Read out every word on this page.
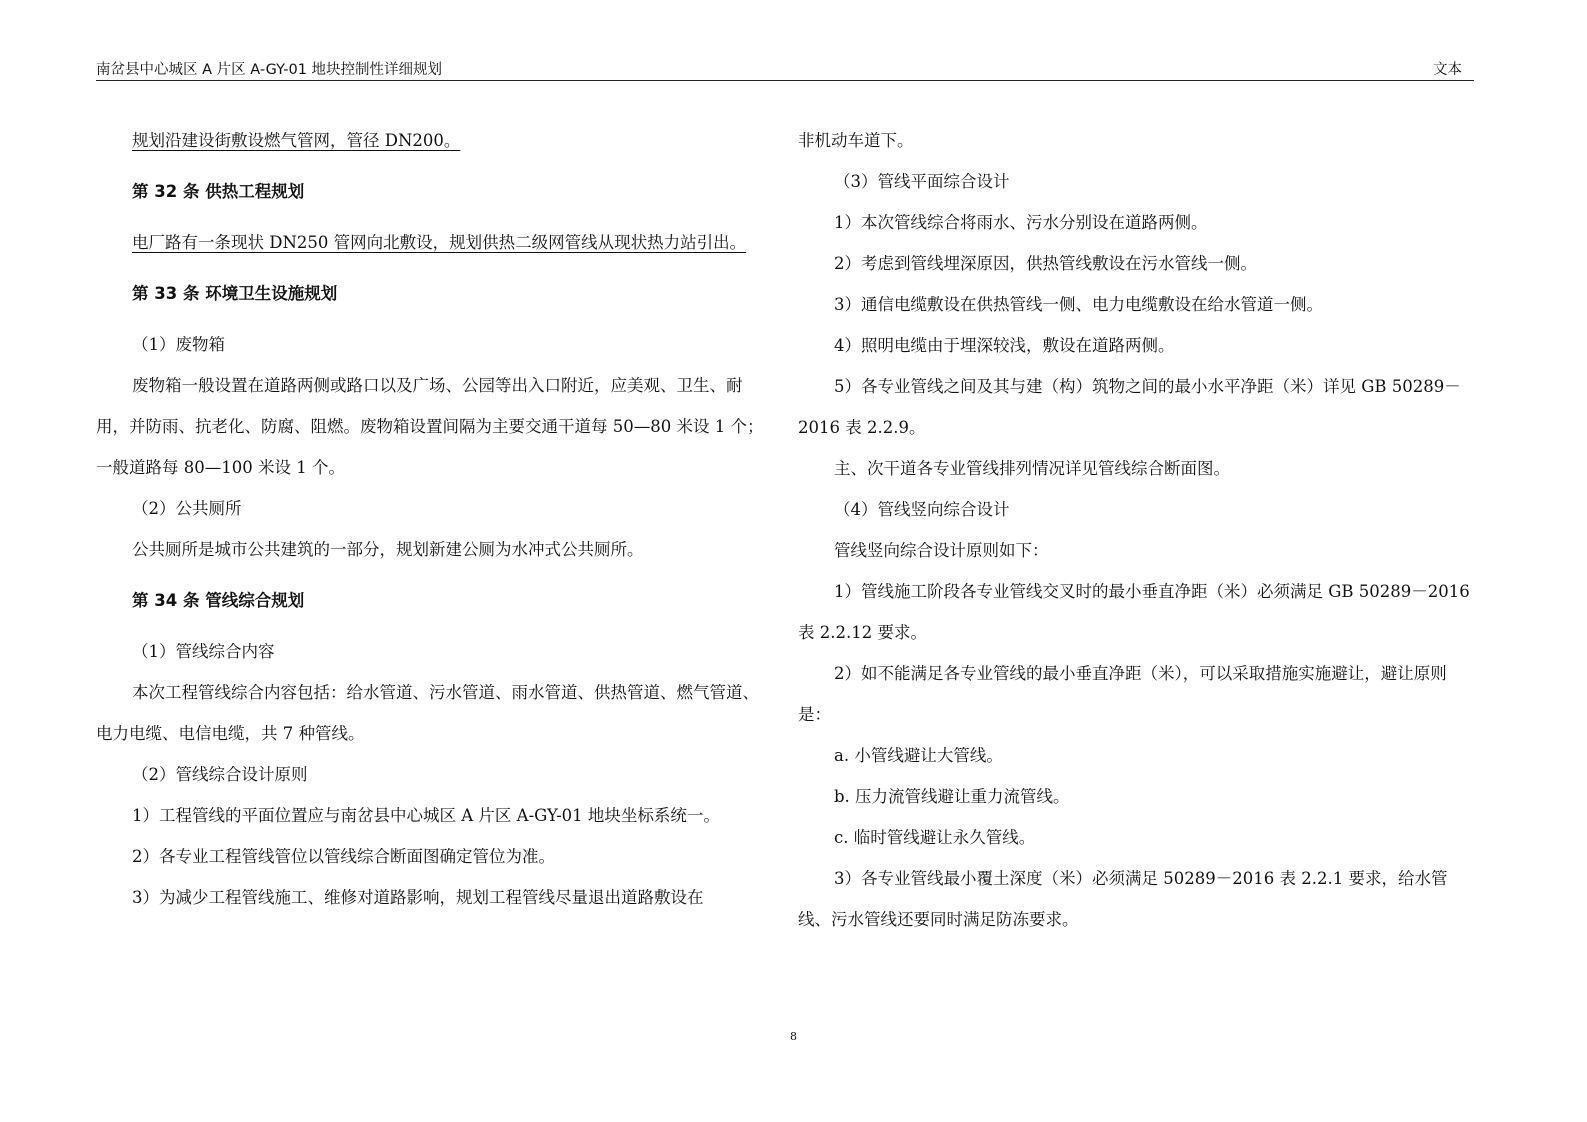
南岔县中心城区 A 片区 A-GY-01 地块控制性详细规划	文本

规划沿建设街敷设燃气管网，管径 DN200。

第 32 条 供热工程规划

电厂路有一条现状 DN250 管网向北敷设，规划供热二级网管线从现状热力站引出。

第 33 条 环境卫生设施规划

（1）废物箱

废物箱一般设置在道路两侧或路口以及广场、公园等出入口附近，应美观、卫生、耐用，并防雨、抗老化、防腐、阻燃。废物箱设置间隔为主要交通干道每 50—80 米设 1 个；一般道路每 80—100 米设 1 个。

（2）公共厕所

公共厕所是城市公共建筑的一部分，规划新建公厕为水冲式公共厕所。

第 34 条 管线综合规划

（1）管线综合内容

本次工程管线综合内容包括：给水管道、污水管道、雨水管道、供热管道、燃气管道、电力电缆、电信电缆，共 7 种管线。

（2）管线综合设计原则

1）工程管线的平面位置应与南岔县中心城区 A 片区 A-GY-01 地块坐标系统一。

2）各专业工程管线管位以管线综合断面图确定管位为准。

3）为减少工程管线施工、维修对道路影响，规划工程管线尽量退出道路敷设在

非机动车道下。

（3）管线平面综合设计

1）本次管线综合将雨水、污水分别设在道路两侧。

2）考虑到管线埋深原因，供热管线敷设在污水管线一侧。

3）通信电缆敷设在供热管线一侧、电力电缆敷设在给水管道一侧。

4）照明电缆由于埋深较浅，敷设在道路两侧。

5）各专业管线之间及其与建（构）筑物之间的最小水平净距（米）详见 GB 50289－2016 表 2.2.9。

主、次干道各专业管线排列情况详见管线综合断面图。

（4）管线竖向综合设计

管线竖向综合设计原则如下：

1）管线施工阶段各专业管线交叉时的最小垂直净距（米）必须满足 GB 50289－2016 表 2.2.12 要求。

2）如不能满足各专业管线的最小垂直净距（米），可以采取措施实施避让，避让原则是：

a. 小管线避让大管线。

b. 压力流管线避让重力流管线。

c. 临时管线避让永久管线。

3）各专业管线最小覆土深度（米）必须满足 50289－2016 表 2.2.1 要求，给水管线、污水管线还要同时满足防冻要求。

8
